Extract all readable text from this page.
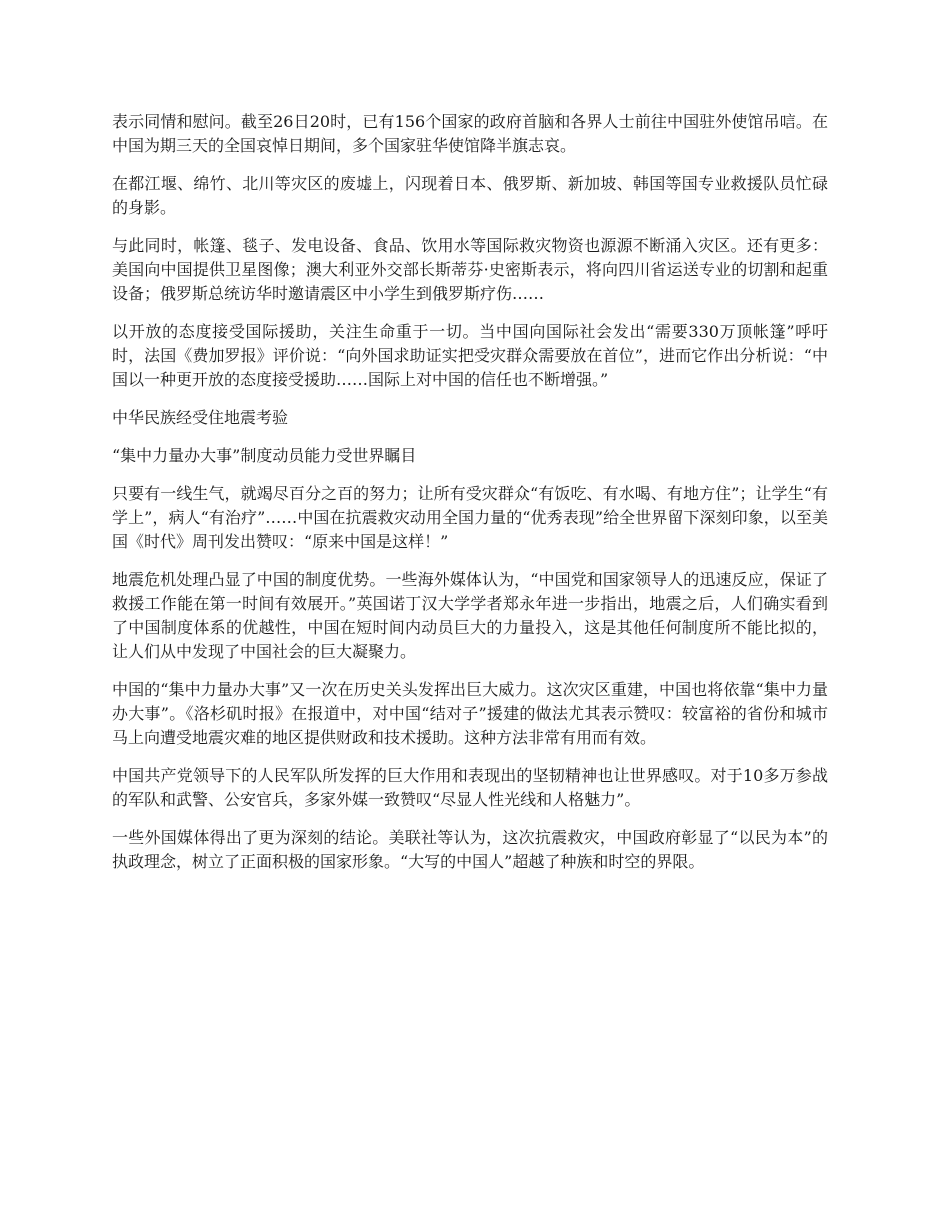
表示同情和慰问。截至26日20时，已有156个国家的政府首脑和各界人士前往中国驻外使馆吊唁。在中国为期三天的全国哀悼日期间，多个国家驻华使馆降半旗志哀。

在都江堰、绵竹、北川等灾区的废墟上，闪现着日本、俄罗斯、新加坡、韩国等国专业救援队员忙碌的身影。

与此同时，帐篷、毯子、发电设备、食品、饮用水等国际救灾物资也源源不断涌入灾区。还有更多：美国向中国提供卫星图像；澳大利亚外交部长斯蒂芬·史密斯表示，将向四川省运送专业的切割和起重设备；俄罗斯总统访华时邀请震区中小学生到俄罗斯疗伤……

以开放的态度接受国际援助，关注生命重于一切。当中国向国际社会发出“需要330万顶帐篷”呼吁时，法国《费加罗报》评价说：“向外国求助证实把受灾群众需要放在首位”，进而它作出分析说：“中国以一种更开放的态度接受援助……国际上对中国的信任也不断增强。”

中华民族经受住地震考验

“集中力量办大事”制度动员能力受世界瞩目

只要有一线生气，就竭尽百分之百的努力；让所有受灾群众“有饭吃、有水喝、有地方住”；让学生“有学上”，病人“有治疗”……中国在抗震救灾动用全国力量的“优秀表现”给全世界留下深刻印象，以至美国《时代》周刊发出赞叹：“原来中国是这样！”

地震危机处理凸显了中国的制度优势。一些海外媒体认为，“中国党和国家领导人的迅速反应，保证了救援工作能在第一时间有效展开。”英国诺丁汉大学学者郑永年进一步指出，地震之后，人们确实看到了中国制度体系的优越性，中国在短时间内动员巨大的力量投入，这是其他任何制度所不能比拟的，让人们从中发现了中国社会的巨大凝聚力。

中国的“集中力量办大事”又一次在历史关头发挥出巨大威力。这次灾区重建，中国也将依靠“集中力量办大事”。《洛杉矶时报》在报道中，对中国“结对子”援建的做法尤其表示赞叹：较富裕的省份和城市马上向遭受地震灾难的地区提供财政和技术援助。这种方法非常有用而有效。

中国共产党领导下的人民军队所发挥的巨大作用和表现出的坚韧精神也让世界感叹。对于10多万参战的军队和武警、公安官兵，多家外媒一致赞叹“尽显人性光线和人格魅力”。

一些外国媒体得出了更为深刻的结论。美联社等认为，这次抗震救灾，中国政府彰显了“以民为本”的执政理念，树立了正面积极的国家形象。“大写的中国人”超越了种族和时空的界限。
